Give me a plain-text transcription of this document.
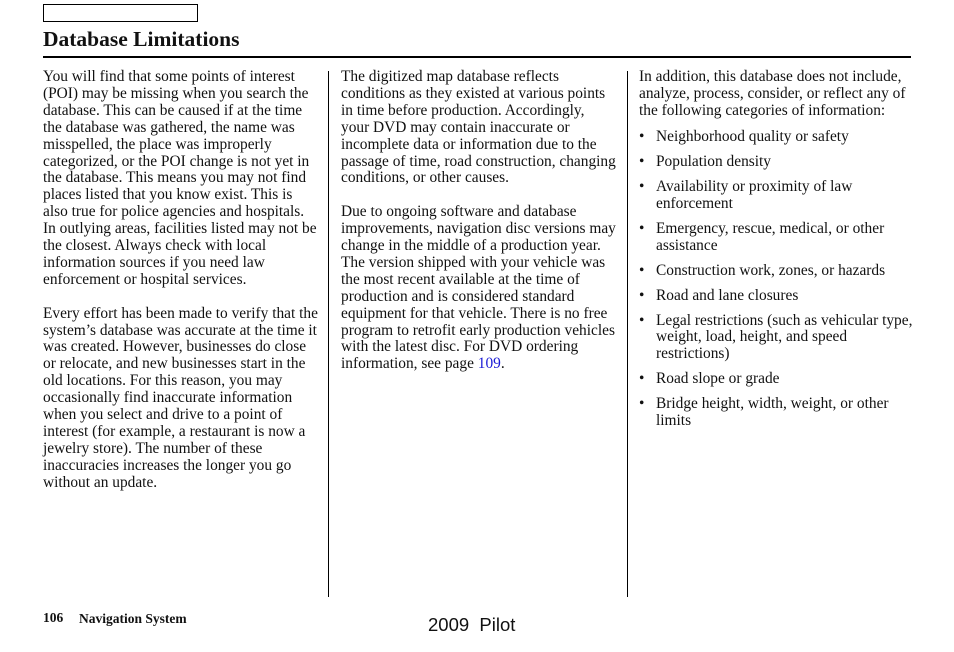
Database Limitations

You will find that some points of interest (POI) may be missing when you search the database. This can be caused if at the time the database was gathered, the name was misspelled, the place was improperly categorized, or the POI change is not yet in the database. This means you may not find places listed that you know exist. This is also true for police agencies and hospitals. In outlying areas, facilities listed may not be the closest. Always check with local information sources if you need law enforcement or hospital services.

Every effort has been made to verify that the system’s database was accurate at the time it was created. However, businesses do close or relocate, and new businesses start in the old locations. For this reason, you may occasionally find inaccurate information when you select and drive to a point of interest (for example, a restaurant is now a jewelry store). The number of these inaccuracies increases the longer you go without an update.

The digitized map database reflects conditions as they existed at various points in time before production. Accordingly, your DVD may contain inaccurate or incomplete data or information due to the passage of time, road construction, changing conditions, or other causes.

Due to ongoing software and database improvements, navigation disc versions may change in the middle of a production year. The version shipped with your vehicle was the most recent available at the time of production and is considered standard equipment for that vehicle. There is no free program to retrofit early production vehicles with the latest disc. For DVD ordering information, see page 109.

In addition, this database does not include, analyze, process, consider, or reflect any of the following categories of information:

• Neighborhood quality or safety
• Population density
• Availability or proximity of law enforcement
• Emergency, rescue, medical, or other assistance
• Construction work, zones, or hazards
• Road and lane closures
• Legal restrictions (such as vehicular type, weight, load, height, and speed restrictions)
• Road slope or grade
• Bridge height, width, weight, or other limits
106 Navigation System	2009  Pilot
